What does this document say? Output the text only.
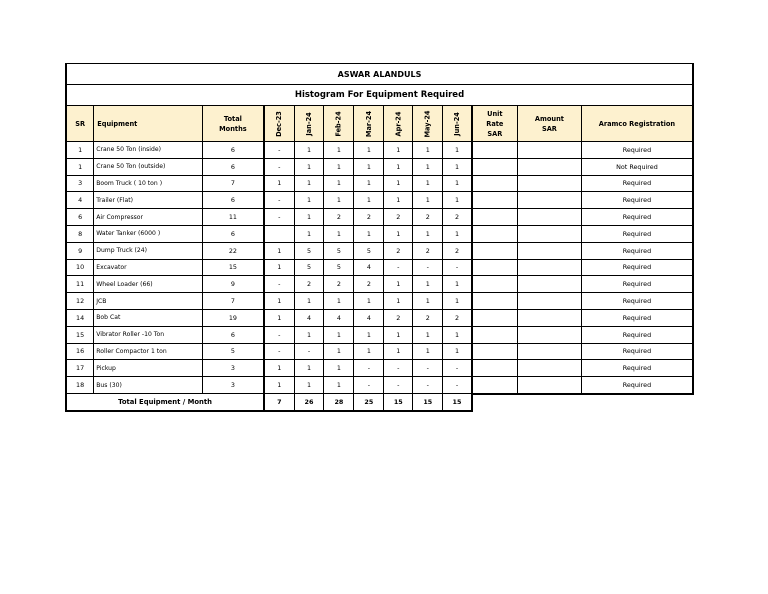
ASWAR ALANDULS												
Histogram For Equipment Required												
SR	Equipment	Total Months	Dec-23	Jan-24	Feb-24	Mar-24	Apr-24	May-24	Jun-24	Unit Rate SAR	Amount SAR	Aramco Registration
1	Crane 50 Ton (inside)	6	-	1	1	1	1	1	1			Required
1	Crane 50 Ton (outside)	6	-	1	1	1	1	1	1			Not Required
3	Boom Truck ( 10 ton )	7	1	1	1	1	1	1	1			Required
4	Trailer (Flat)	6	-	1	1	1	1	1	1			Required
6	Air Compressor	11	-	1	2	2	2	2	2			Required
8	Water Tanker (6000 )	6		1	1	1	1	1	1			Required
9	Dump Truck (24)	22	1	5	5	5	2	2	2			Required
10	Excavator	15	1	5	5	4	-	-	-			Required
11	Wheel Loader (66)	9	-	2	2	2	1	1	1			Required
12	JCB	7	1	1	1	1	1	1	1			Required
14	Bob Cat	19	1	4	4	4	2	2	2			Required
15	Vibrator Roller -10 Ton	6	-	1	1	1	1	1	1			Required
16	Roller Compactor 1 ton	5	-	-	1	1	1	1	1			Required
17	Pickup	3	1	1	1	-	-	-	-			Required
18	Bus (30)	3	1	1	1	-	-	-	-			Required
Total Equipment / Month			7	26	28	25	15	15	15			
